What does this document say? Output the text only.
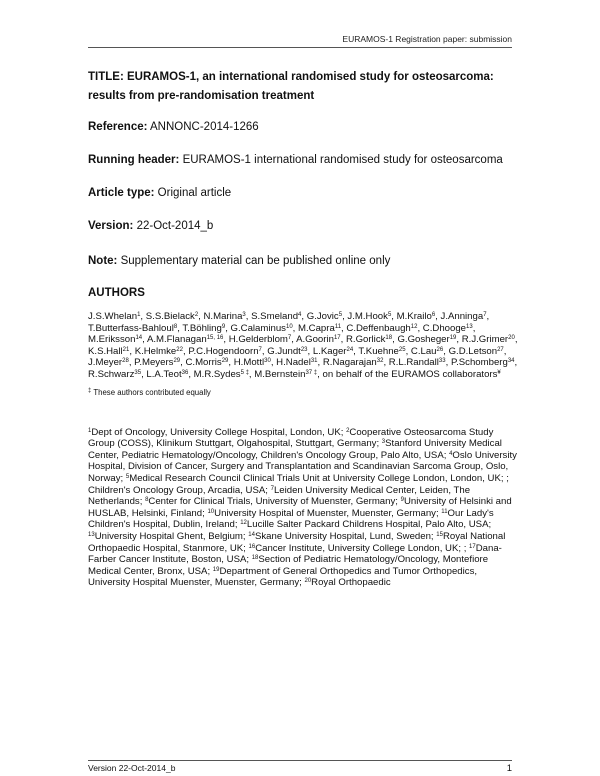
EURAMOS-1 Registration paper: submission

TITLE: EURAMOS-1, an international randomised study for osteosarcoma: results from pre-randomisation treatment

Reference: ANNONC-2014-1266

Running header: EURAMOS-1 international randomised study for osteosarcoma

Article type: Original article

Version: 22-Oct-2014_b

Note: Supplementary material can be published online only

AUTHORS

J.S.Whelan$^1$, S.S.Bielack$^2$, N.Marina$^3$, S.Smeland$^4$, G.Jovic$^5$, J.M.Hook$^5$, M.Krailo$^6$, J.Anninga$^7$, T.Butterfass-Bahloul$^8$, T.Böhling$^9$, G.Calaminus$^{10}$, M.Capra$^{11}$, C.Deffenbaugh$^{12}$, C.Dhooge$^{13}$, M.Eriksson$^{14}$, A.M.Flanagan$^{15, 16}$, H.Gelderblom$^7$, A.Goorin$^{17}$, R.Gorlick$^{18}$, G.Gosheger$^{19}$, R.J.Grimer$^{20}$, K.S.Hall$^{21}$, K.Helmke$^{22}$, P.C.Hogendoorn$^7$, G.Jundt$^{23}$, L.Kager$^{24}$, T.Kuehne$^{25}$, C.Lau$^{26}$, G.D.Letson$^{27}$, J.Meyer$^{28}$, P.Meyers$^{29}$, C.Morris$^{29}$, H.Mottl$^{30}$, H.Nadel$^{31}$, R.Nagarajan$^{32}$, R.L.Randall$^{33}$, P.Schomberg$^{34}$, R.Schwarz$^{35}$, L.A.Teot$^{36}$, M.R.Sydes$^{5 \ddagger}$, M.Bernstein$^{37 \ddagger}$, on behalf of the EURAMOS collaborators¥

‡ These authors contributed equally

$^1$Dept of Oncology, University College Hospital, London, UK; $^2$Cooperative Osteosarcoma Study Group (COSS), Klinikum Stuttgart, Olgahospital, Stuttgart, Germany; $^3$Stanford University Medical Center, Pediatric Hematology/Oncology, Children's Oncology Group, Palo Alto, USA; $^4$Oslo University Hospital, Division of Cancer, Surgery and Transplantation and Scandinavian Sarcoma Group, Oslo, Norway; $^5$Medical Research Council Clinical Trials Unit at University College London, London, UK; ; Children's Oncology Group, Arcadia, USA; $^7$Leiden University Medical Center, Leiden, The Netherlands; $^8$Center for Clinical Trials, University of Muenster, Germany; $^9$University of Helsinki and HUSLAB, Helsinki, Finland; $^{10}$University Hospital of Muenster, Muenster, Germany; $^{11}$Our Lady's Children's Hospital, Dublin, Ireland; $^{12}$Lucille Salter Packard Childrens Hospital, Palo Alto, USA; $^{13}$University Hospital Ghent, Belgium; $^{14}$Skane University Hospital, Lund, Sweden; $^{15}$Royal National Orthopaedic Hospital, Stanmore, UK; $^{16}$Cancer Institute, University College London, UK; ; $^{17}$Dana-Farber Cancer Institute, Boston, USA; $^{18}$Section of Pediatric Hematology/Oncology, Montefiore Medical Center, Bronx, USA; $^{19}$Department of General Orthopedics and Tumor Orthopedics, University Hospital Muenster, Muenster, Germany; $^{20}$Royal Orthopaedic

Version 22-Oct-2014_b	1
